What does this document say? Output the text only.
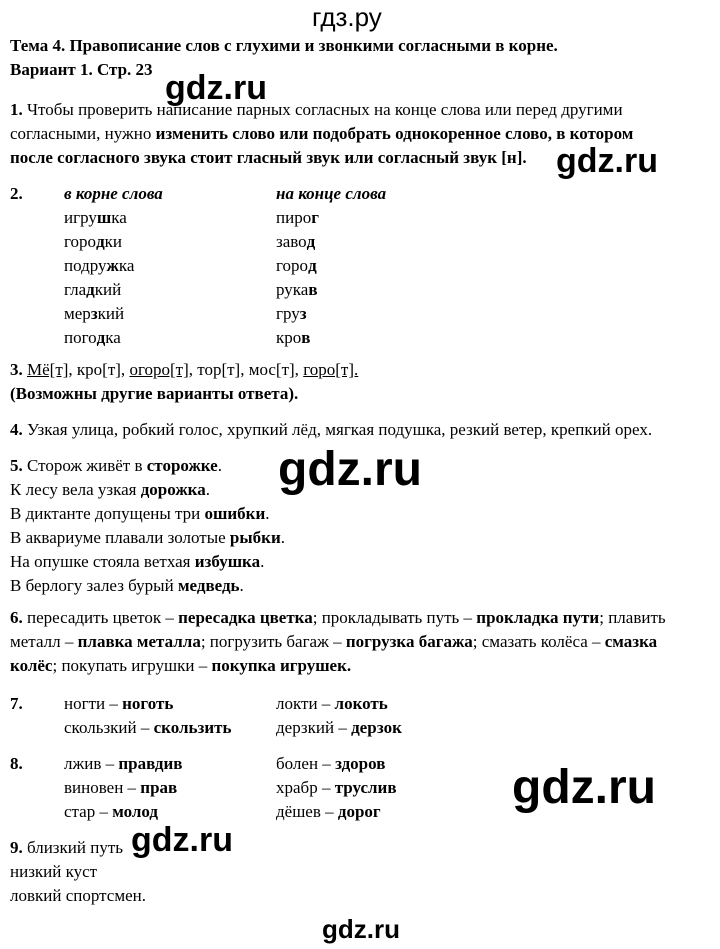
гдз.ру
Тема 4. Правописание слов с глухими и звонкими согласными в корне.
Вариант 1. Стр. 23 gdz.ru
gdz.ru
gdz.ru
gdz.ru
gdz.ru
gdz.ru
1. Чтобы проверить написание парных согласных на конце слова или перед другими
согласными, нужно изменить слово или подобрать однокоренное слово, в котором
после согласного звука стоит гласный звук или согласный звук [н].
2. в корне слова	на конце слова
игрушка
городки
подружка
гладкий
мерзкий
погодка
пирог
завод
город
рукав
груз
кров
3. Мё[т], кро[т], огоро[т], тор[т], мос[т], горо[т].
(Возможны другие варианты ответа).
4. Узкая улица, робкий голос, хрупкий лёд, мягкая подушка, резкий ветер, крепкий орех.
5. Сторож живёт в сторожке.
К лесу вела узкая дорожка.
В диктанте допущены три ошибки.
В аквариуме плавали золотые рыбки.
На опушке стояла ветхая избушка.
В берлогу залез бурый медведь.
6. пересадить цветок – пересадка цветка; прокладывать путь – прокладка пути; плавить
металл – плавка металла; погрузить багаж – погрузка багажа; смазать колёса – смазка
колёс; покупать игрушки – покупка игрушек.
7. ногти – ноготь
скользкий – скользить
локти – локоть
дерзкий – дерзок
8. лжив – правдив
виновен – прав
стар – молод
болен – здоров
храбр – труслив
дёшев – дорог
9. близкий путь
низкий куст
ловкий спортсмен.
